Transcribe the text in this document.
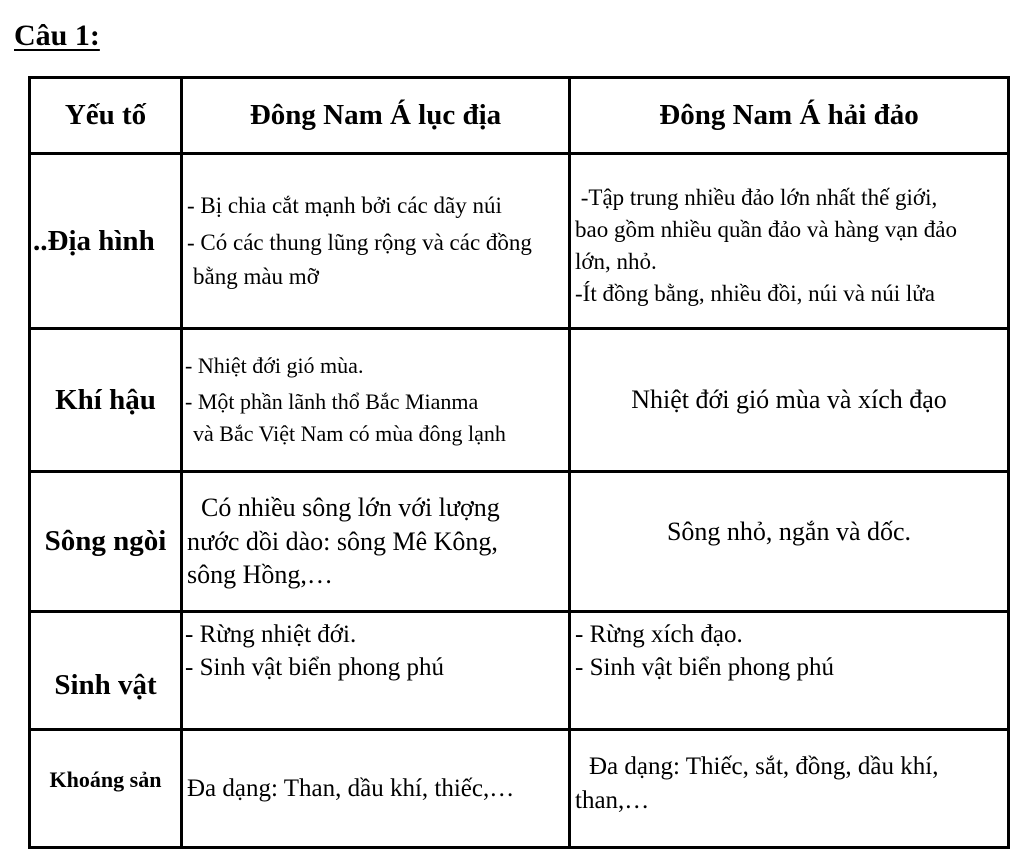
Câu 1:
Yếu tố	Đông Nam Á lục địa	Đông Nam Á hải đảo
..Địa hình	- Bị chia cắt mạnh bởi các dãy núi
- Có các thung lũng rộng và các đồng
bằng màu mỡ	-Tập trung nhiều đảo lớn nhất thế giới,
bao gồm nhiều quần đảo và hàng vạn đảo
lớn, nhỏ.
-Ít đồng bằng, nhiều đồi, núi và núi lửa

Khí hậu	- Nhiệt đới gió mùa.
- Một phần lãnh thổ Bắc Mianma
và Bắc Việt Nam có mùa đông lạnh	Nhiệt đới gió mùa và xích đạo

Sông ngòi	Có nhiều sông lớn với lượng
nước dồi dào: sông Mê Kông,
sông Hồng,…	Sông nhỏ, ngắn và dốc.

Sinh vật	- Rừng nhiệt đới.
- Sinh vật biển phong phú	- Rừng xích đạo.
- Sinh vật biển phong phú

Khoáng sản	Đa dạng: Than, dầu khí, thiếc,…	Đa dạng: Thiếc, sắt, đồng, dầu khí,
than,…
